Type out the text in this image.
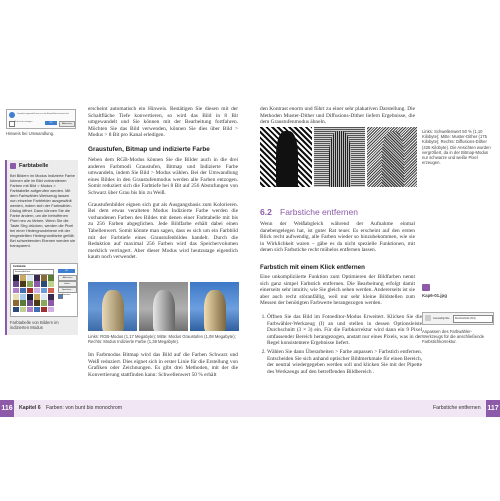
Sie sind dabei, das Bild in Graustufen zu konvertieren. Das Bild wird zuerst in Graustufen umgewandelt, bevor es in den Bitmap-Modus konvertiert wird.
Nicht mehr anzeigen	OK	Abbrechen
Hinweis bei Umwandlung.
Farbtabelle
Bei Bildern im Modus Indizierte Farbe können alle im Bild vorhandenen Farben mit Bild > Modus > Farbtabelle aufgerufen werden. Mit dem Farbwähler-Werkzeug lassen nun einzelne Farbfelder ausgewählt werden, indem sich der Farbwähler-Dialog öffnet. Dann können Sie die Farbe ändern, um die betroffenen Pixel neu zu färben. Wenn Sie die Taste Strg drücken, werden die Pixel bei einer Hintergrundebene mit der eingestellten Hintergrundfarbe gefüllt. Bei schwebenden Ebenen werden sie transparent.
Farbtabelle
Benutzerdefiniert	OK
Abbrechen
Laden...
Speichern...
Vorschau
Farbtabelle von Bildern im indizierten Modus

erscheint automatisch ein Hinweis. Bestätigen Sie diesen mit der Schaltfläche Tiefe konvertieren, so wird das Bild in 8 Bit umgewandelt und Sie können mit der Bearbeitung fortfahren. Möchten Sie das Bild verwenden, können Sie dies über Bild > Modus > 8 Bit pro Kanal erledigen.

Graustufen, Bitmap und indizierte Farbe

Neben dem RGB-Modus können Sie die Bilder auch in die drei anderen Farbmodi Graustufen, Bitmap und Indizierte Farbe umwandeln, indem Sie Bild > Modus wählen. Bei der Umwandlung eines Bildes in den Graustufenmodus werden alle Farben entzogen. Somit reduziert sich die Farbtiefe bei 8 Bit auf 256 Abstufungen von Schwarz über Grau bis hin zu Weiß.

Graustufenbilder eignen sich gut als Ausgangsbasis zum Kolorieren. Bei dem etwas veralteten Modus Indizierte Farbe werden die vorhandenen Farben des Bildes mit denen einer Farbtabelle mit bis zu 256 Farben abgeglichen. Jede Bildfarbe erhält dabei einen Tabellenwert. Somit könnte man sagen, dass es sich um ein Farbbild mit der Farbtiefe eines Graustufenbildes handelt. Durch die Reduktion auf maximal 256 Farben wird das Speichervolumen merklich verringert. Aber dieser Modus wird heutzutage eigentlich kaum noch verwendet.

Links: RGB-Modus (1,17 Megabyte); Mitte: Modus Graustufen (1,08 Megabyte); Rechts: Modus Indizierte Farbe (1,38 Megabyte).

Im Farbmodus Bitmap wird das Bild auf die Farben Schwarz und Weiß reduziert. Dies eignet sich in erster Linie für die Erstellung von Grafiken oder Zeichnungen. Es gibt drei Methoden, mit der die Konvertierung stattfinden kann: Schwellenwert 50 % erhält

116 Kapitel 6 Farben: von bunt bis monochrom

den Kontrast enorm und führt zu einer sehr plakativen Darstellung. Die Methoden Muster-Dither und Diffusions-Dither liefern Ergebnisse, die dem Graustufenmodus ähneln.

Links: Schwellenwert 50 % (1,10 Kilobyte); Mitte: Muster-Dither (175 Kilobyte); Rechts: Diffusions-Dither (425 Kilobyte). Die Ansichten wurden vergrößert, da in der Bitmap-Modus nur schwarze und weiße Pixel erzeugen.
6.2 Farbstiche entfernen

Wenn der Weißabgleich während der Aufnahme einmal danebengelegen hat, ist guter Rat teuer. Es erscheint auf den ersten Blick recht aufwendig, alle Farben wieder so hinzubekommen, wie sie in Wirklichkeit waren – gäbe es da nicht spezielle Funktionen, mit denen sich Farbstiche recht mühelos entfernen lassen.

Farbstich mit einem Klick entfernen

Eine unkompliziierte Funktion zum Optimieren der Bildfarben nennt sich ganz simpel Farbstich entfernen. Die Bearbeitung erfolgt damit einerseits sehr intuitiv, wie Sie gleich sehen werden. Andererseits ist sie aber auch recht störanfällig, weil nur sehr kleine Bildstellen zum Messen der benötigten Farbwerte herangezogen werden.

1. Öffnen Sie das Bild im Fotoeditor-Modus Erweitert. Klicken Sie die Farbwähler-Werkzeug (I) an und stellen in dessen Optionsleiste Durchschnitt (3 × 3) ein. Für die Farbkorrektur wird dann ein 9 Pixel umfassender Bereich herangezogen, anstatt nur eines Pixels, was in der Regel konsistentere Ergebnisse liefert.
2. Wählen Sie dann Überarbeiten > Farbe anpassen > Farbstich entfernen. Entscheiden Sie sich anhand optischer Bildmerkmale für einen Bereich, der neutral wiedergegeben werden soll und klicken Sie mit der Pipette des Werkzeugs auf den betreffenden Bildbereich .
Kap6-01.jpg
Auswahlgröße	Durchschnitt (3×3)
Anpassen des Farbwähler-Werkzeugs für die anschließende Farbstichkorrektur.
Farbstiche entfernen 117
